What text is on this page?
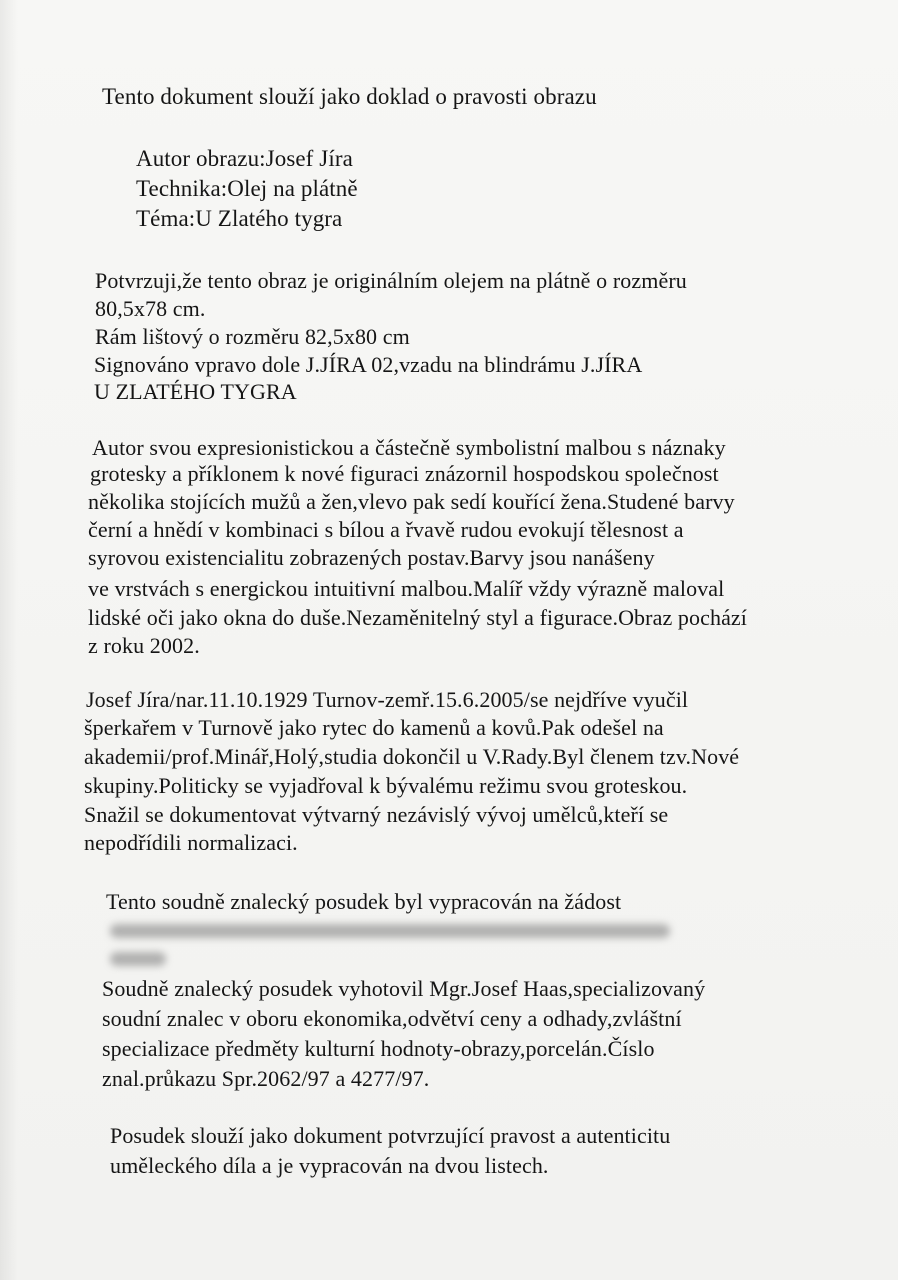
Tento dokument slouží jako doklad o pravosti obrazu
Autor obrazu:Josef Jíra
Technika:Olej na plátně
Téma:U Zlatého tygra
Potvrzuji,že tento obraz je originálním olejem na plátně o rozměru
80,5x78 cm.
Rám lištový o rozměru 82,5x80 cm
Signováno vpravo dole J.JÍRA 02,vzadu na blindrámu J.JÍRA
U ZLATÉHO TYGRA
Autor svou expresionistickou a částečně symbolistní malbou s náznaky
grotesky a příklonem k nové figuraci znázornil hospodskou společnost
několika stojících mužů a žen,vlevo pak sedí kouřící žena.Studené barvy
černí a hnědí v kombinaci s bílou a řvavě rudou evokují tělesnost a
syrovou existencialitu zobrazených postav.Barvy jsou nanášeny
ve vrstvách s energickou intuitivní malbou.Malíř vždy výrazně maloval
lidské oči jako okna do duše.Nezaměnitelný styl a figurace.Obraz pochází
z roku 2002.
Josef Jíra/nar.11.10.1929 Turnov-zemř.15.6.2005/se nejdříve vyučil
šperkařem v Turnově jako rytec do kamenů a kovů.Pak odešel na
akademii/prof.Minář,Holý,studia dokončil u V.Rady.Byl členem tzv.Nové
skupiny.Politicky se vyjadřoval k bývalému režimu svou groteskou.
Snažil se dokumentovat výtvarný nezávislý vývoj umělců,kteří se
nepodřídili normalizaci.
Tento soudně znalecký posudek byl vypracován na žádost
Soudně znalecký posudek vyhotovil Mgr.Josef Haas,specializovaný
soudní znalec v oboru ekonomika,odvětví ceny a odhady,zvláštní
specializace předměty kulturní hodnoty-obrazy,porcelán.Číslo
znal.průkazu Spr.2062/97 a 4277/97.
Posudek slouží jako dokument potvrzující pravost a autenticitu
uměleckého díla a je vypracován na dvou listech.
